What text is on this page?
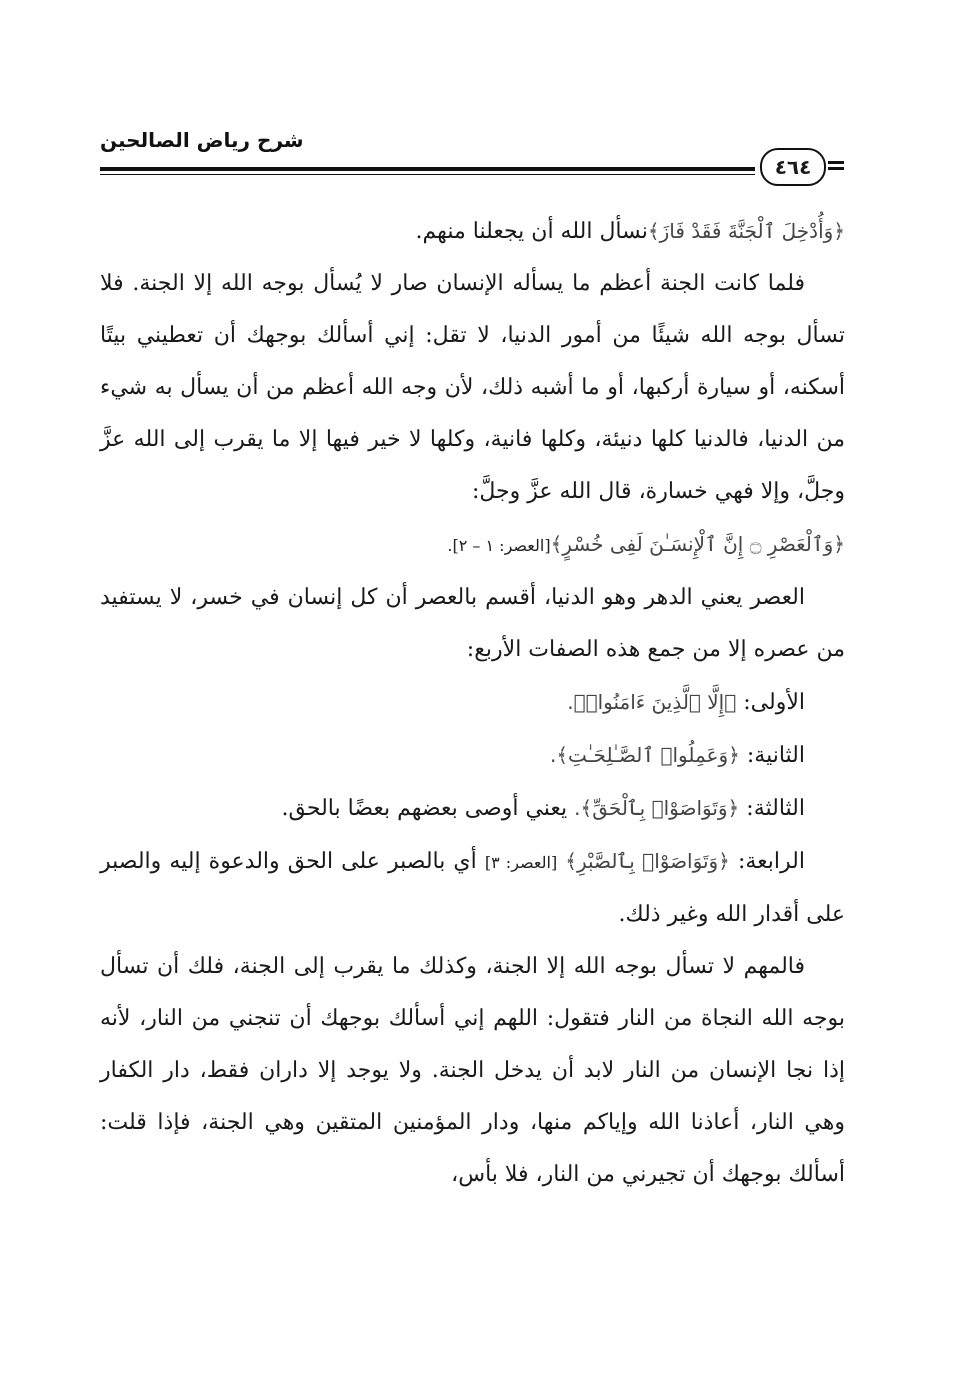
شرح رياض الصالحين
٤٦٤

﴿وَأُدْخِلَ ٱلْجَنَّةَ فَقَدْ فَازَ﴾نسأل الله أن يجعلنا منهم.

فلما كانت الجنة أعظم ما يسأله الإنسان صار لا يُسأل بوجه الله إلا الجنة. فلا تسأل بوجه الله شيئًا من أمور الدنيا، لا تقل: إني أسألك بوجهك أن تعطيني بيتًا أسكنه، أو سيارة أركبها، أو ما أشبه ذلك، لأن وجه الله أعظم من أن يسأل به شيء من الدنيا، فالدنيا كلها دنيئة، وكلها فانية، وكلها لا خير فيها إلا ما يقرب إلى الله عزَّ وجلَّ، وإلا فهي خسارة، قال الله عزَّ وجلَّ:

﴿وَٱلْعَصْرِ ۝ إِنَّ ٱلْإِنسَـٰنَ لَفِى خُسْرٍ﴾[العصر: ١ – ٢].

العصر يعني الدهر وهو الدنيا، أقسم بالعصر أن كل إنسان في خسر، لا يستفيد من عصره إلا من جمع هذه الصفات الأربع:

الأولى: ﴿إِلَّا ٱلَّذِينَ ءَامَنُوا۟﴾.

الثانية: ﴿وَعَمِلُوا۟ ٱلصَّـٰلِحَـٰتِ﴾.

الثالثة: ﴿وَتَوَاصَوْا۟ بِٱلْحَقِّ﴾. يعني أوصى بعضهم بعضًا بالحق.

الرابعة: ﴿وَتَوَاصَوْا۟ بِٱلصَّبْرِ﴾ [العصر: ٣] أي بالصبر على الحق والدعوة إليه والصبر على أقدار الله وغير ذلك.

فالمهم لا تسأل بوجه الله إلا الجنة، وكذلك ما يقرب إلى الجنة، فلك أن تسأل بوجه الله النجاة من النار فتقول: اللهم إني أسألك بوجهك أن تنجني من النار، لأنه إذا نجا الإنسان من النار لابد أن يدخل الجنة. ولا يوجد إلا داران فقط، دار الكفار وهي النار، أعاذنا الله وإياكم منها، ودار المؤمنين المتقين وهي الجنة، فإذا قلت: أسألك بوجهك أن تجيرني من النار، فلا بأس،
